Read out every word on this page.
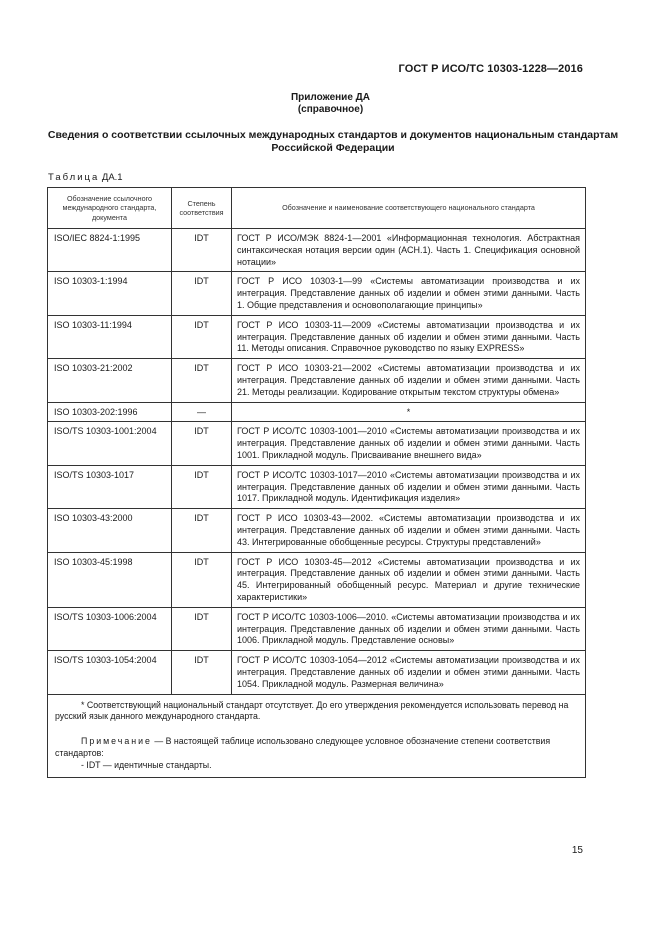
ГОСТ Р ИСО/ТС 10303-1228—2016
Приложение ДА
(справочное)
Сведения о соответствии ссылочных международных стандартов и документов национальным стандартам Российской Федерации
Таблица ДА.1
Обозначение ссылочного международного стандарта, документа	Степень соответствия	Обозначение и наименование соответствующего национального стандарта
ISO/IEC 8824-1:1995	IDT	ГОСТ Р ИСО/МЭК 8824-1—2001 «Информационная технология. Абстрактная синтаксическая нотация версии один (АСН.1). Часть 1. Спецификация основной нотации»
ISO 10303-1:1994	IDT	ГОСТ Р ИСО 10303-1—99 «Системы автоматизации производства и их интеграция. Представление данных об изделии и обмен этими данными. Часть 1. Общие представления и основополагающие принципы»
ISO 10303-11:1994	IDT	ГОСТ Р ИСО 10303-11—2009 «Системы автоматизации производства и их интеграция. Представление данных об изделии и обмен этими данными. Часть 11. Методы описания. Справочное руководство по языку EXPRESS»
ISO 10303-21:2002	IDT	ГОСТ Р ИСО 10303-21—2002 «Системы автоматизации производства и их интеграция. Представление данных об изделии и обмен этими данными. Часть 21. Методы реализации. Кодирование открытым текстом структуры обмена»
ISO 10303-202:1996	—	*
ISO/TS 10303-1001:2004	IDT	ГОСТ Р ИСО/ТС 10303-1001—2010 «Системы автоматизации производства и их интеграция. Представление данных об изделии и обмен этими данными. Часть 1001. Прикладной модуль. Присваивание внешнего вида»
ISO/TS 10303-1017	IDT	ГОСТ Р ИСО/ТС 10303-1017—2010 «Системы автоматизации производства и их интеграция. Представление данных об изделии и обмен этими данными. Часть 1017. Прикладной модуль. Идентификация изделия»
ISO 10303-43:2000	IDT	ГОСТ Р ИСО 10303-43—2002. «Системы автоматизации производства и их интеграция. Представление данных об изделии и обмен этими данными. Часть 43. Интегрированные обобщенные ресурсы. Структуры представлений»
ISO 10303-45:1998	IDT	ГОСТ Р ИСО 10303-45—2012 «Системы автоматизации производства и их интеграция. Представление данных об изделии и обмен этими данными. Часть 45. Интегрированный обобщенный ресурс. Материал и другие технические характеристики»
ISO/TS 10303-1006:2004	IDT	ГОСТ Р ИСО/ТС 10303-1006—2010. «Системы автоматизации производства и их интеграция. Представление данных об изделии и обмен этими данными. Часть 1006. Прикладной модуль. Представление основы»
ISO/TS 10303-1054:2004	IDT	ГОСТ Р ИСО/ТС 10303-1054—2012 «Системы автоматизации производства и их интеграция. Представление данных об изделии и обмен этими данными. Часть 1054. Прикладной модуль. Размерная величина»

* Соответствующий национальный стандарт отсутствует. До его утверждения рекомендуется использовать перевод на русский язык данного международного стандарта.

Примечание — В настоящей таблице использовано следующее условное обозначение степени соответствия стандартов:

- IDT — идентичные стандарты.		

15
